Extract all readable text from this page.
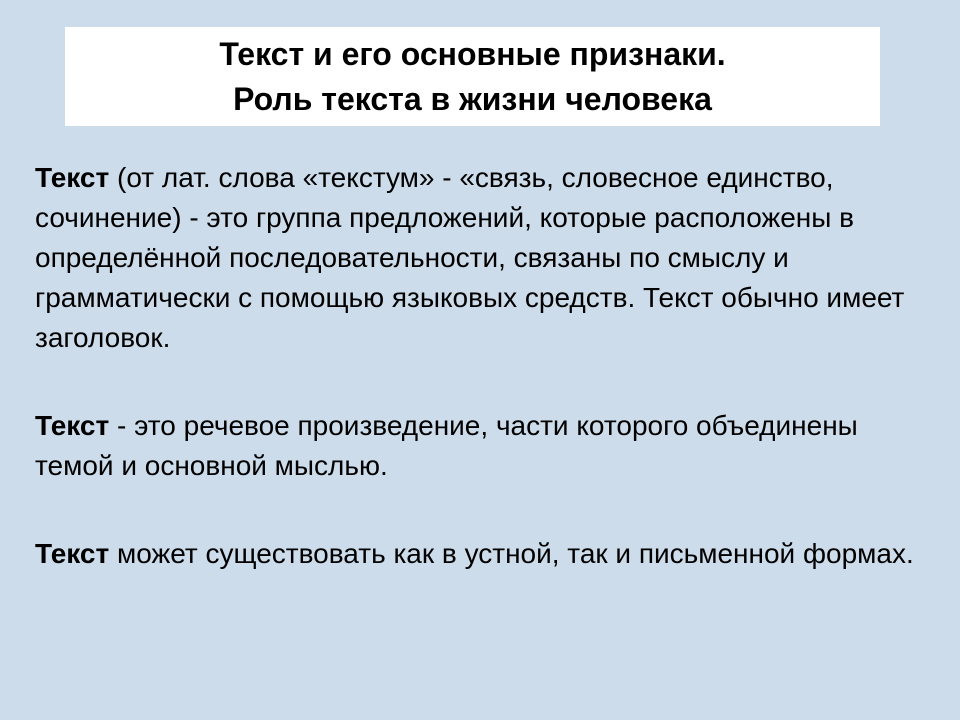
Текст и его основные признаки.
Роль текста в жизни человека

Текст (от лат. слова «текстум» - «связь, словесное единство, сочинение) - это группа предложений, которые расположены в определённой последовательности, связаны по смыслу и грамматически с помощью языковых средств. Текст обычно имеет заголовок.

Текст - это речевое произведение, части которого объединены темой и основной мыслью.

Текст может существовать как в устной, так и письменной формах.
